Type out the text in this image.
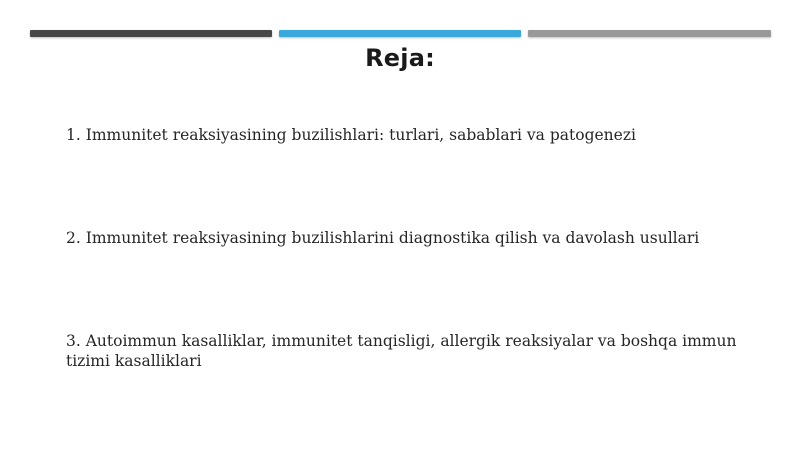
Reja:
1. Immunitet reaksiyasining buzilishlari: turlari, sabablari va patogenezi
2. Immunitet reaksiyasining buzilishlarini diagnostika qilish va davolash usullari
3. Autoimmun kasalliklar, immunitet tanqisligi, allergik reaksiyalar va boshqa immun tizimi kasalliklari
